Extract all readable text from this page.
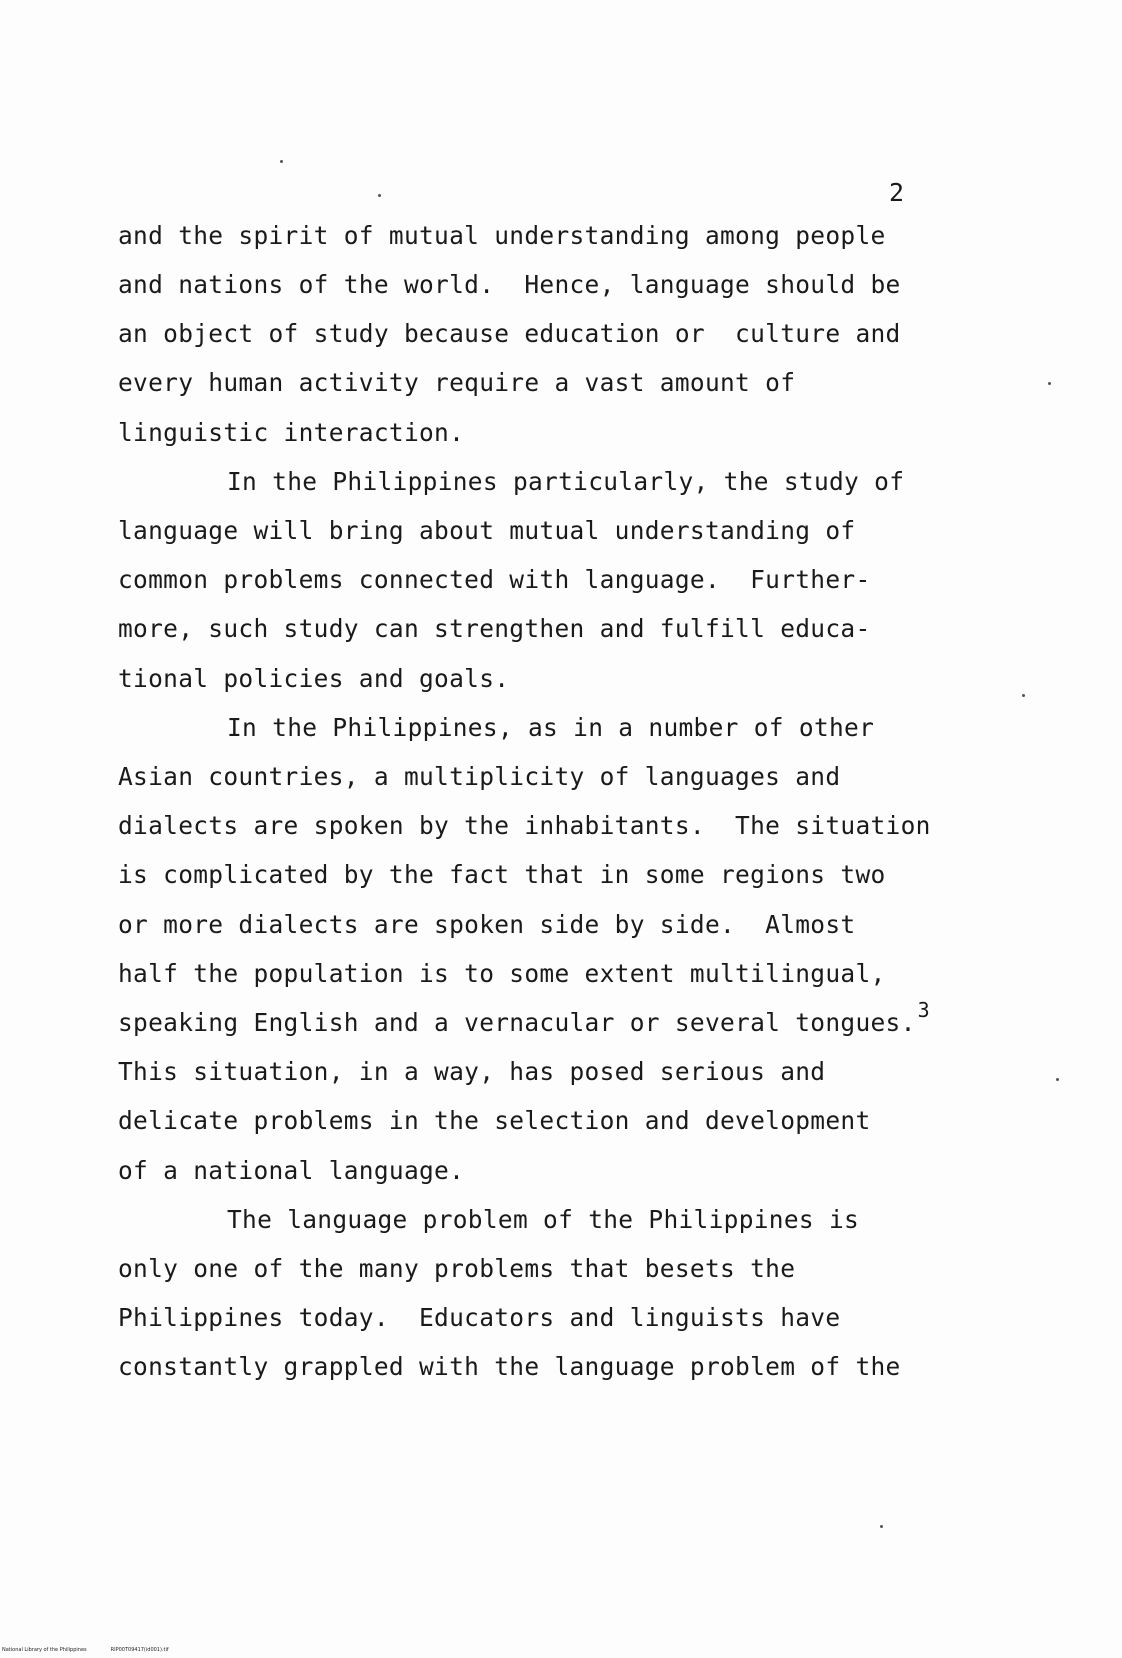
2
and the spirit of mutual understanding among people
and nations of the world.  Hence, language should be
an object of study because education or  culture and
every human activity require a vast amount of
linguistic interaction.
In the Philippines particularly, the study of
language will bring about mutual understanding of
common problems connected with language.  Further-
more, such study can strengthen and fulfill educa-
tional policies and goals.
In the Philippines, as in a number of other
Asian countries, a multiplicity of languages and
dialects are spoken by the inhabitants.  The situation
is complicated by the fact that in some regions two
or more dialects are spoken side by side.  Almost
half the population is to some extent multilingual,
speaking English and a vernacular or several tongues. $^3$
This situation, in a way, has posed serious and
delicate problems in the selection and development
of a national language.
The language problem of the Philippines is
only one of the many problems that besets the
Philippines today.  Educators and linguists have
constantly grappled with the language problem of the
National Library of the Philippines	RIP00T09417(id001).tif
